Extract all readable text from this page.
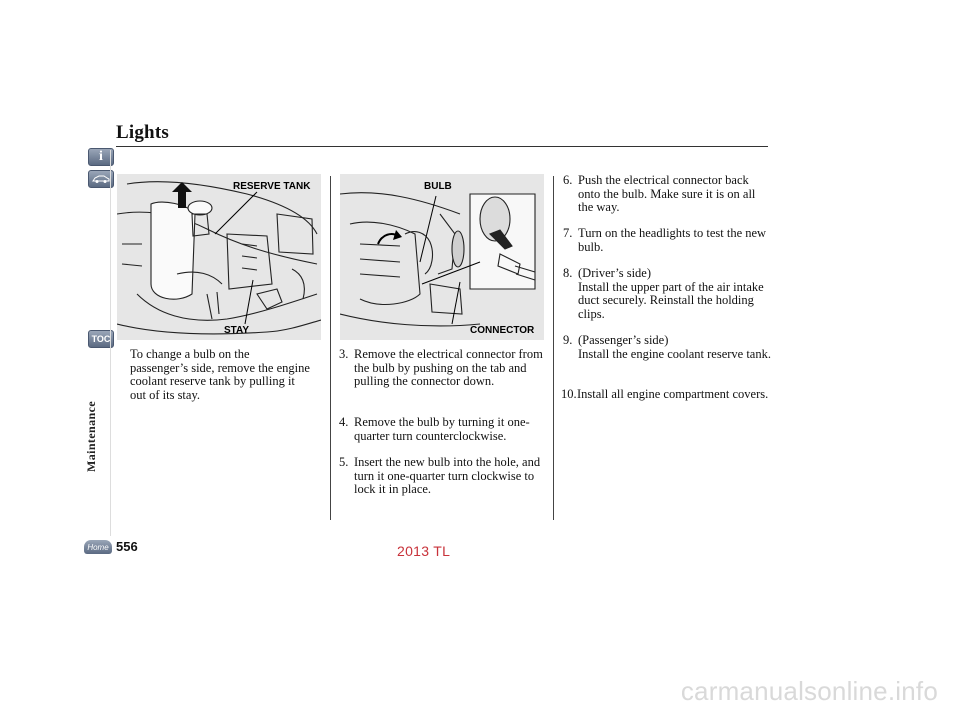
Lights
i
TOC
Maintenance
RESERVE TANK
STAY
BULB
CONNECTOR
To change a bulb on the passenger’s side, remove the engine coolant reserve tank by pulling it out of its stay.
3. Remove the electrical connector from the bulb by pushing on the tab and pulling the connector down.
4. Remove the bulb by turning it one-quarter turn counterclockwise.
5. Insert the new bulb into the hole, and turn it one-quarter turn clockwise to lock it in place.
6. Push the electrical connector back onto the bulb. Make sure it is on all the way.
7. Turn on the headlights to test the new bulb.
8. (Driver’s side)
Install the upper part of the air intake duct securely. Reinstall the holding clips.
9. (Passenger’s side)
Install the engine coolant reserve tank.
10. Install all engine compartment covers.
Home 556	2013 TL
carmanualsonline.info
